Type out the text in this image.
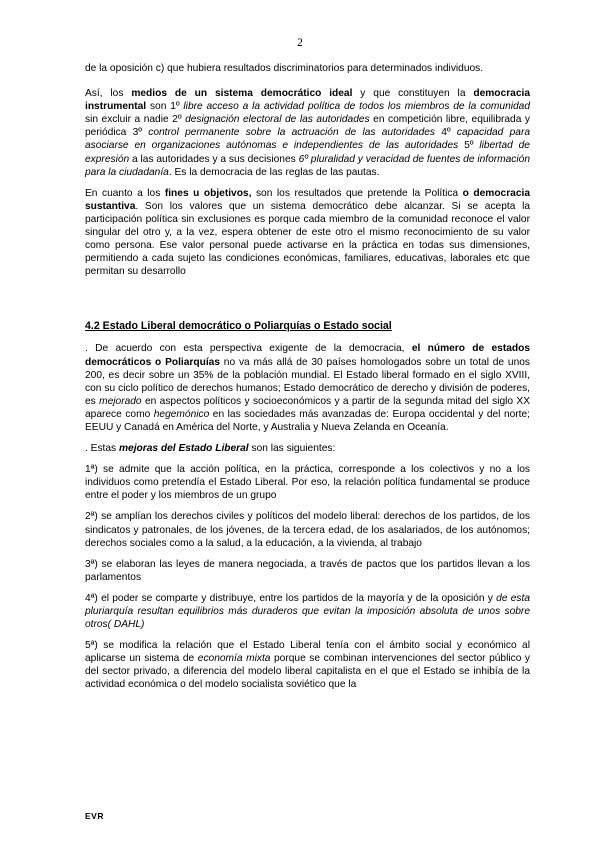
2

de la oposición c) que hubiera resultados discriminatorios para determinados individuos.

Así, los medios de un sistema democrático ideal y que constituyen la democracia instrumental son 1º libre acceso a la actividad política de todos los miembros de la comunidad sin excluir a nadie 2º designación electoral de las autoridades en competición libre, equilibrada y periódica 3º control permanente sobre la actruación de las autoridades 4º capacidad para asociarse en organizaciones autónomas e independientes de las autoridades 5º libertad de expresión a las autoridades y a sus decisiones 6º pluralidad y veracidad de fuentes de información para la ciudadanía. Es la democracia de las reglas de las pautas.

En cuanto a los fines u objetivos, son los resultados que pretende la Política o democracia sustantiva. Son los valores que un sistema democrático debe alcanzar. Si se acepta la participación política sin exclusiones es porque cada miembro de la comunidad reconoce el valor singular del otro y, a la vez, espera obtener de este otro el mismo reconocimiento de su valor como persona. Ese valor personal puede activarse en la práctica en todas sus dimensiones, permitiendo a cada sujeto las condiciones económicas, familiares, educativas, laborales etc que permitan su desarrollo

4.2 Estado Liberal democrático o Poliarquías o Estado social

. De acuerdo con esta perspectiva exigente de la democracia, el número de estados democráticos o Poliarquías no va más allá de 30 países homologados sobre un total de unos 200, es decir sobre un 35% de la población mundial. El Estado liberal formado en el siglo XVIII, con su ciclo político de derechos humanos; Estado democrático de derecho y división de poderes, es mejorado en aspectos políticos y socioeconómicos y a partir de la segunda mitad del siglo XX aparece como hegemónico en las sociedades más avanzadas de: Europa occidental y del norte; EEUU y Canadá en América del Norte, y Australia y Nueva Zelanda en Oceanía.

. Estas mejoras del Estado Liberal son las siguientes:

1ª) se admite que la acción política, en la práctica, corresponde a los colectivos y no a los individuos como pretendía el Estado Liberal. Por eso, la relación política fundamental se produce entre el poder y los miembros de un grupo

2ª) se amplían los derechos civiles y políticos del modelo liberal: derechos de los partidos, de los sindicatos y patronales, de los jóvenes, de la tercera edad, de los asalariados, de los autónomos; derechos sociales como a la salud, a la educación, a la vivienda, al trabajo

3ª) se elaboran las leyes de manera negociada, a través de pactos que los partidos llevan a los parlamentos

4ª) el poder se comparte y distribuye, entre los partidos de la mayoría y de la oposición y de esta pluriarquía resultan equilibrios más duraderos que evitan la imposición absoluta de unos sobre otros( DAHL)

5ª) se modifica la relación que el Estado Liberal tenía con el ámbito social y económico al aplicarse un sistema de economía mixta porque se combinan intervenciones del sector público y del sector privado, a diferencia del modelo liberal capitalista en el que el Estado se inhibía de la actividad económica o del modelo socialista soviético que la

EVR
